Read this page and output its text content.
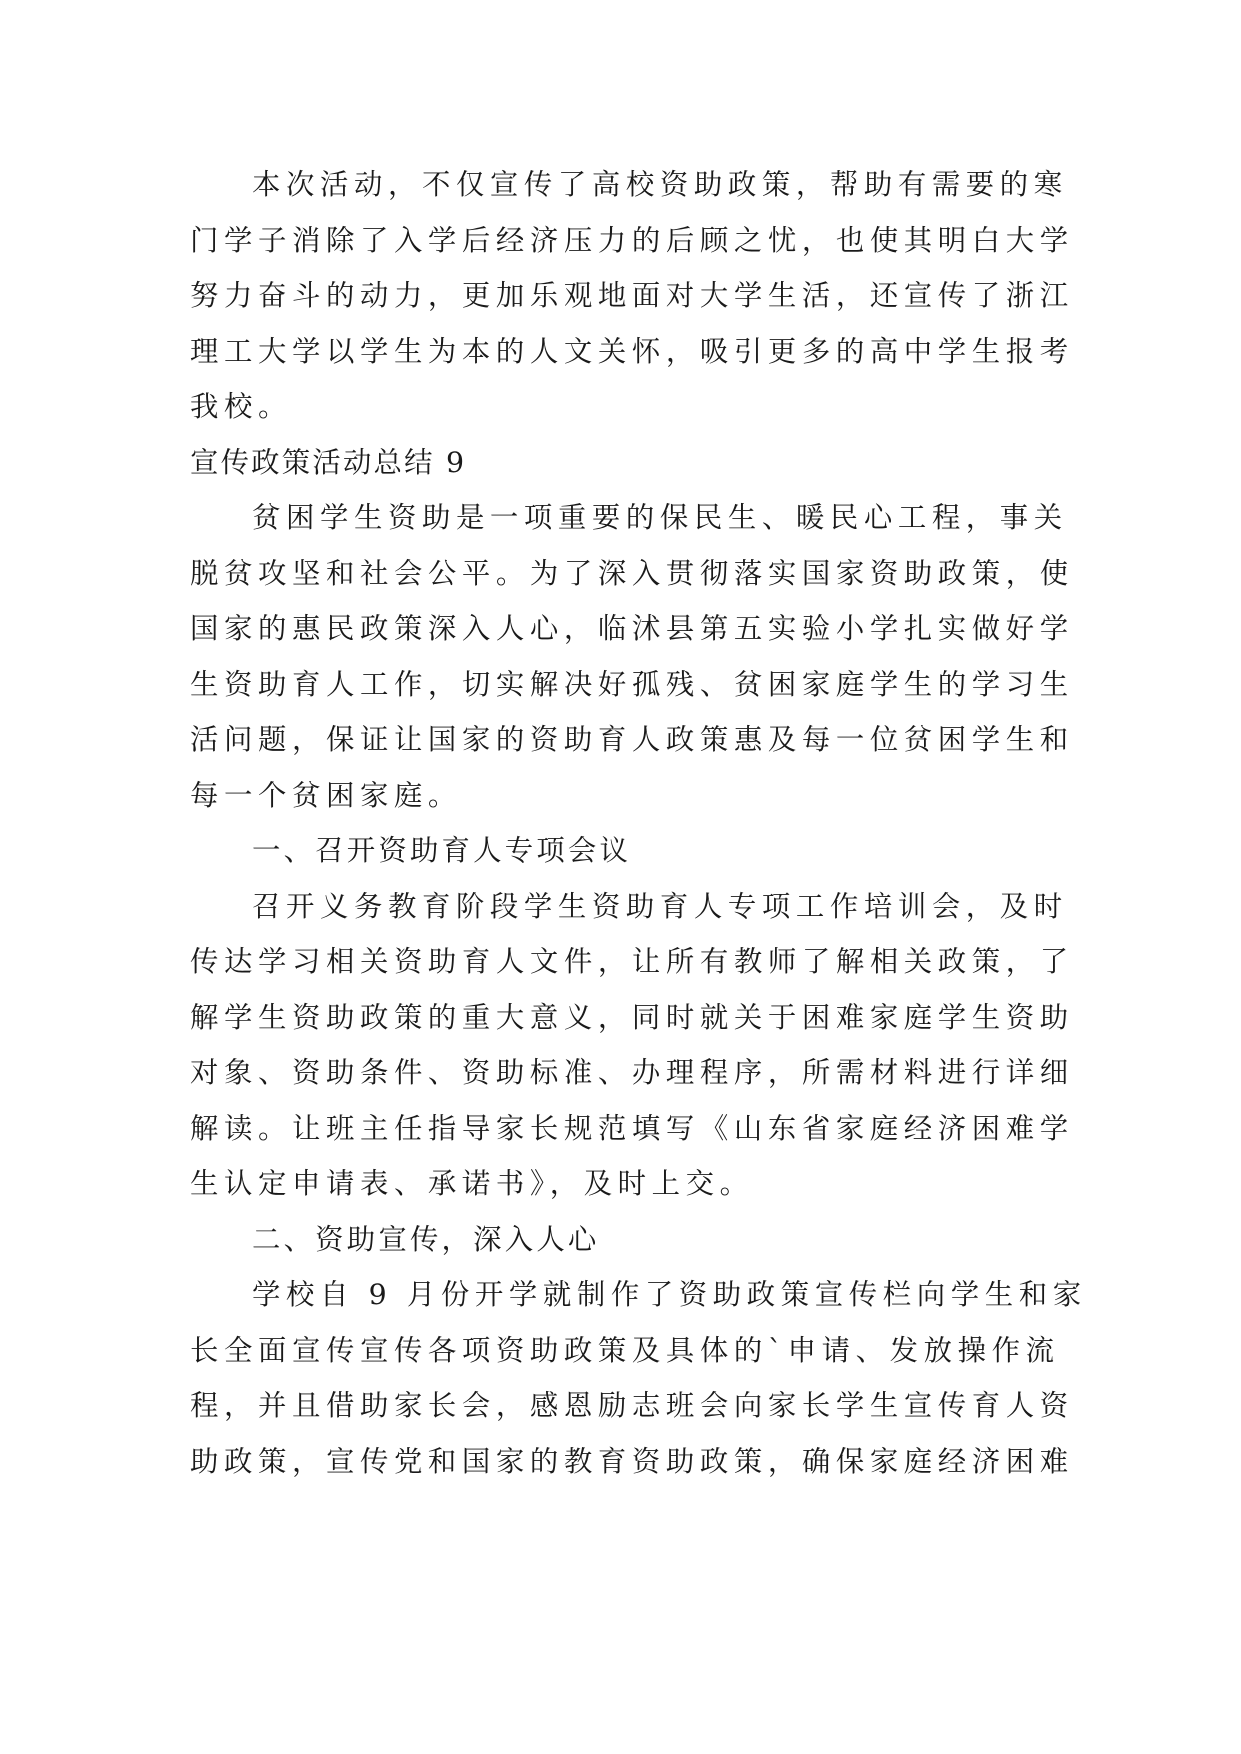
本次活动，不仅宣传了高校资助政策，帮助有需要的寒
门学子消除了入学后经济压力的后顾之忧，也使其明白大学
努力奋斗的动力，更加乐观地面对大学生活，还宣传了浙江
理工大学以学生为本的人文关怀，吸引更多的高中学生报考
我校。
宣传政策活动总结 9
贫困学生资助是一项重要的保民生、暖民心工程，事关
脱贫攻坚和社会公平。为了深入贯彻落实国家资助政策，使
国家的惠民政策深入人心，临沭县第五实验小学扎实做好学
生资助育人工作，切实解决好孤残、贫困家庭学生的学习生
活问题，保证让国家的资助育人政策惠及每一位贫困学生和
每一个贫困家庭。
一、召开资助育人专项会议
召开义务教育阶段学生资助育人专项工作培训会，及时
传达学习相关资助育人文件，让所有教师了解相关政策，了
解学生资助政策的重大意义，同时就关于困难家庭学生资助
对象、资助条件、资助标准、办理程序，所需材料进行详细
解读。让班主任指导家长规范填写《山东省家庭经济困难学
生认定申请表、承诺书》，及时上交。
二、资助宣传，深入人心
学校自 9 月份开学就制作了资助政策宣传栏向学生和家
长全面宣传宣传各项资助政策及具体的`申请、发放操作流
程，并且借助家长会，感恩励志班会向家长学生宣传育人资
助政策，宣传党和国家的教育资助政策，确保家庭经济困难
